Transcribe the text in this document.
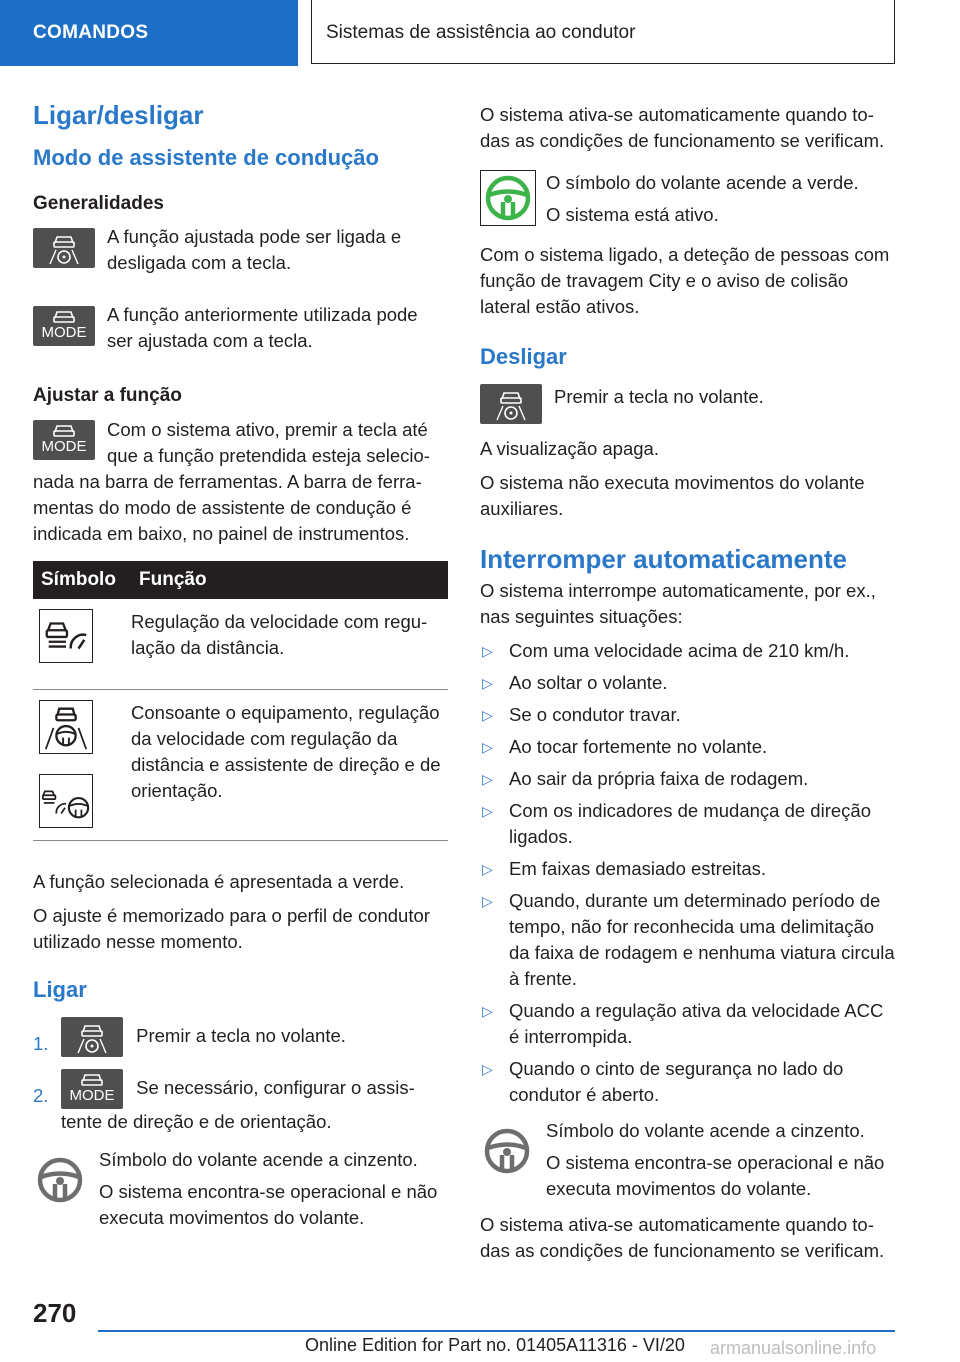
COMANDOS	Sistemas de assistência ao condutor
Ligar/desligar
Modo de assistente de condução
Generalidades
A função ajustada pode ser ligada e desligada com a tecla.
MODE
A função anteriormente utilizada pode ser ajustada com a tecla.
Ajustar a função
MODE
Com o sistema ativo, premir a tecla até que a função pretendida esteja selecionada na barra de ferramentas. A barra de ferramentas do modo de assistente de condução é indicada em baixo, no painel de instrumentos.
Símbolo	Função

	Regulação da velocidade com regulação da distância.

	Consoante o equipamento, regulação da velocidade com regulação da distância e assistente de direção e de orientação.
A função selecionada é apresentada a verde.
O ajuste é memorizado para o perfil de condutor utilizado nesse momento.
Ligar
1.	Premir a tecla no volante.
2.	MODE	Se necessário, configurar o assistente de direção e de orientação.
Símbolo do volante acende a cinzento.
O sistema encontra-se operacional e não executa movimentos do volante.
O sistema ativa-se automaticamente quando todas as condições de funcionamento se verificam.
O símbolo do volante acende a verde.
O sistema está ativo.
Com o sistema ligado, a deteção de pessoas com função de travagem City e o aviso de colisão lateral estão ativos.
Desligar
Premir a tecla no volante.
A visualização apaga.
O sistema não executa movimentos do volante auxiliares.
Interromper automaticamente
O sistema interrompe automaticamente, por ex., nas seguintes situações:
▷ Com uma velocidade acima de 210 km/h.
▷ Ao soltar o volante.
▷ Se o condutor travar.
▷ Ao tocar fortemente no volante.
▷ Ao sair da própria faixa de rodagem.
▷ Com os indicadores de mudança de direção ligados.
▷ Em faixas demasiado estreitas.
▷ Quando, durante um determinado período de tempo, não for reconhecida uma delimitação da faixa de rodagem e nenhuma viatura circula à frente.
▷ Quando a regulação ativa da velocidade ACC é interrompida.
▷ Quando o cinto de segurança no lado do condutor é aberto.
Símbolo do volante acende a cinzento.
O sistema encontra-se operacional e não executa movimentos do volante.
O sistema ativa-se automaticamente quando todas as condições de funcionamento se verificam.
270
Online Edition for Part no. 01405A11316 - VI/20 armanualsonline.info
